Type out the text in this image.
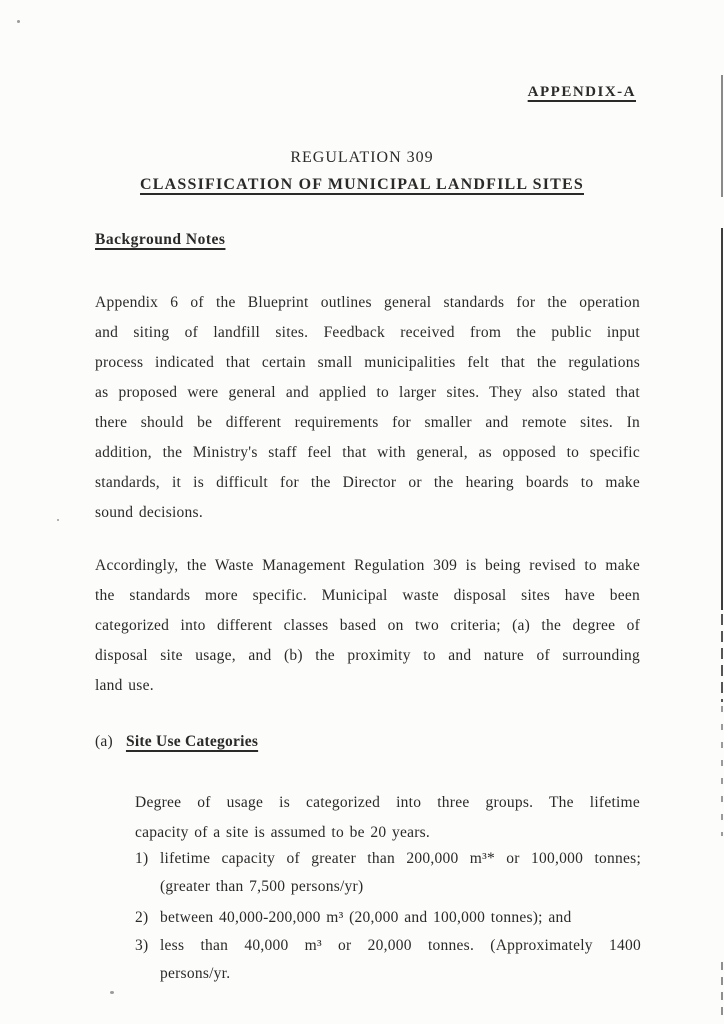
APPENDIX-A
REGULATION 309
CLASSIFICATION OF MUNICIPAL LANDFILL SITES
Background Notes
Appendix 6 of the Blueprint outlines general standards for the operation
and siting of landfill sites. Feedback received from the public input
process indicated that certain small municipalities felt that the regulations
as proposed were general and applied to larger sites. They also stated that
there should be different requirements for smaller and remote sites. In
addition, the Ministry's staff feel that with general, as opposed to specific
standards, it is difficult for the Director or the hearing boards to make
sound decisions.
Accordingly, the Waste Management Regulation 309 is being revised to make
the standards more specific. Municipal waste disposal sites have been
categorized into different classes based on two criteria; (a) the degree of
disposal site usage, and (b) the proximity to and nature of surrounding
land use.
(a) Site Use Categories
Degree of usage is categorized into three groups. The lifetime
capacity of a site is assumed to be 20 years.
1) lifetime capacity of greater than 200,000 m³* or 100,000 tonnes;
(greater than 7,500 persons/yr)
2) between 40,000-200,000 m³ (20,000 and 100,000 tonnes); and
3) less than 40,000 m³ or 20,000 tonnes. (Approximately 1400
persons/yr.
